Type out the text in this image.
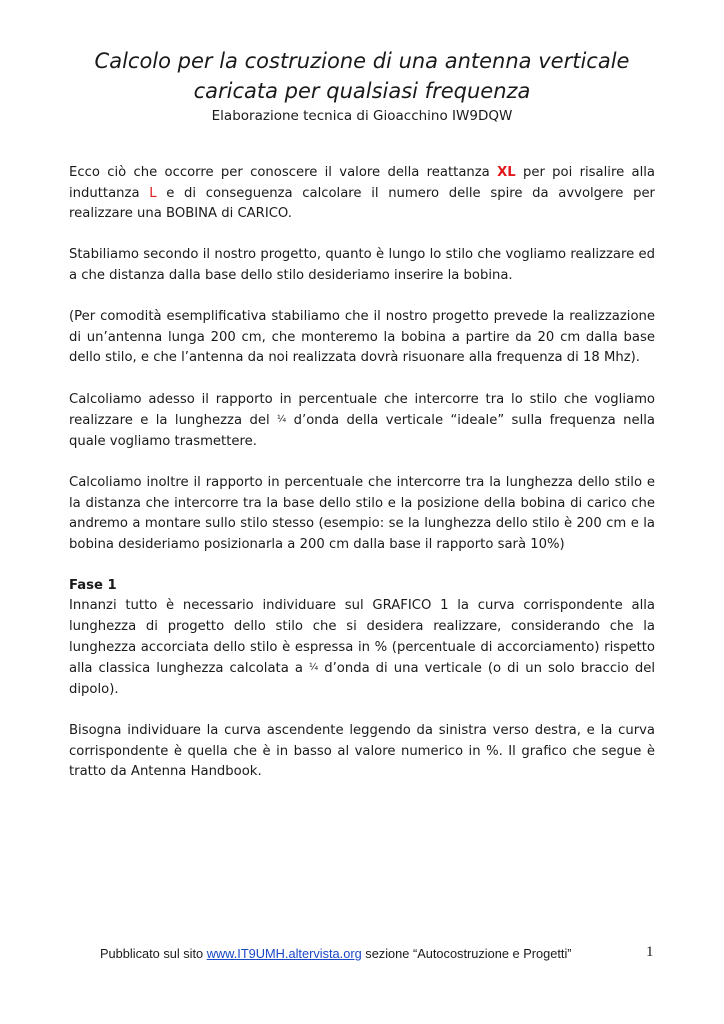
Calcolo per la costruzione di una antenna verticale
caricata per qualsiasi frequenza
Elaborazione tecnica di Gioacchino IW9DQW

Ecco ciò che occorre per conoscere il valore della reattanza XL per poi risalire alla induttanza L e di conseguenza calcolare il numero delle spire da avvolgere per realizzare una BOBINA di CARICO.

Stabiliamo secondo il nostro progetto, quanto è lungo lo stilo che vogliamo realizzare ed a che distanza dalla base dello stilo desideriamo inserire la bobina.

(Per comodità esemplificativa stabiliamo che il nostro progetto prevede la realizzazione di un’antenna lunga 200 cm, che monteremo la bobina a partire da 20 cm dalla base dello stilo, e che l’antenna da noi realizzata dovrà risuonare alla frequenza di 18 Mhz).

Calcoliamo adesso il rapporto in percentuale che intercorre tra lo stilo che vogliamo realizzare e la lunghezza del ¼ d’onda della verticale “ideale” sulla frequenza nella quale vogliamo trasmettere.

Calcoliamo inoltre il rapporto in percentuale che intercorre tra la lunghezza dello stilo e la distanza che intercorre tra la base dello stilo e la posizione della bobina di carico che andremo a montare sullo stilo stesso (esempio: se la lunghezza dello stilo è 200 cm e la bobina desideriamo posizionarla a 200 cm dalla base il rapporto sarà 10%)

Fase 1

Innanzi tutto è necessario individuare sul GRAFICO 1 la curva corrispondente alla lunghezza di progetto dello stilo che si desidera realizzare, considerando che la lunghezza accorciata dello stilo è espressa in % (percentuale di accorciamento) rispetto alla classica lunghezza calcolata a ¼ d’onda di una verticale (o di un solo braccio del dipolo).

Bisogna individuare la curva ascendente leggendo da sinistra verso destra, e la curva corrispondente è quella che è in basso al valore numerico in %. Il grafico che segue è tratto da Antenna Handbook.

Pubblicato sul sito www.IT9UMH.altervista.org sezione “Autocostruzione e Progetti”	1
